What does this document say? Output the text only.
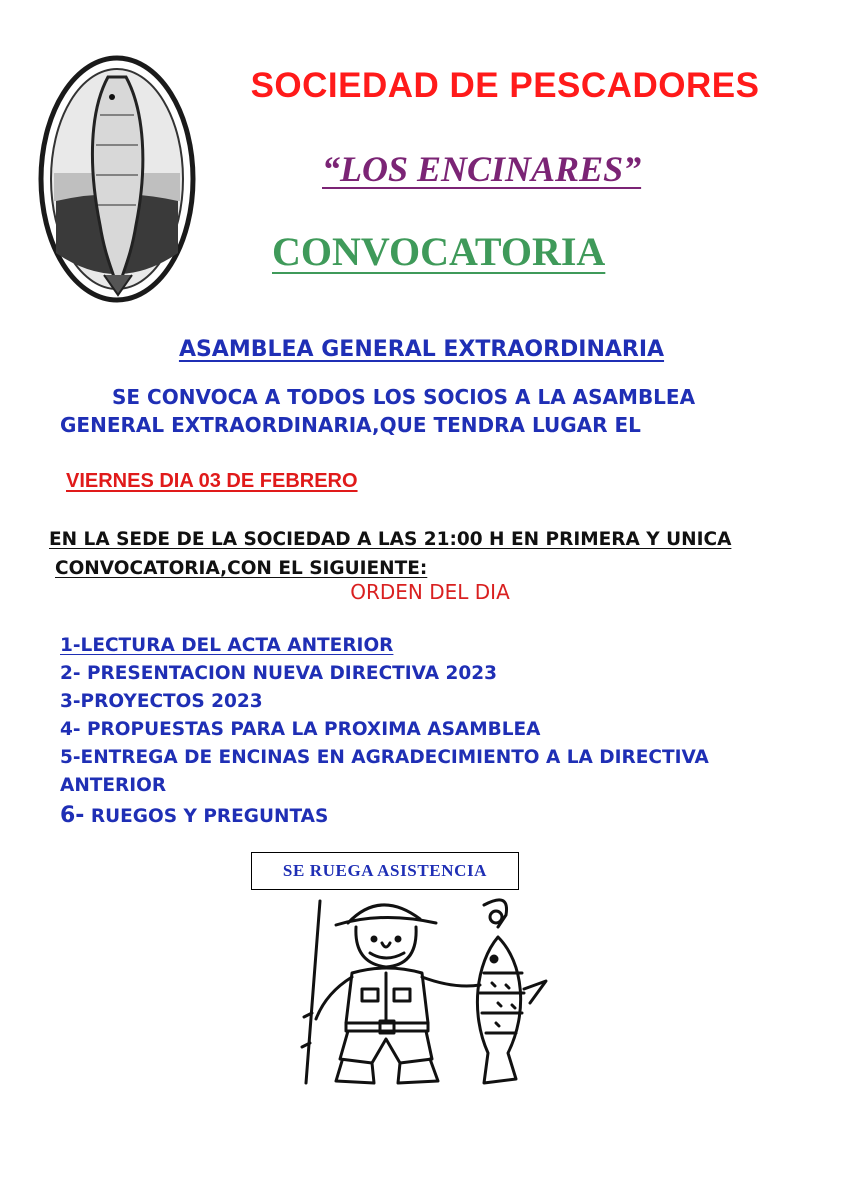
SOCIEDAD DE PESCADORES
“LOS ENCINARES”
CONVOCATORIA
ASAMBLEA GENERAL EXTRAORDINARIA

SE CONVOCA A TODOS LOS SOCIOS A LA ASAMBLEA
GENERAL EXTRAORDINARIA,QUE TENDRA LUGAR EL

VIERNES DIA 03 DE FEBRERO

EN LA SEDE DE LA SOCIEDAD A LAS 21:00 H EN PRIMERA Y UNICA
CONVOCATORIA,CON EL SIGUIENTE:

ORDEN DEL DIA
1-LECTURA DEL ACTA ANTERIOR
2- PRESENTACION NUEVA DIRECTIVA 2023
3-PROYECTOS 2023
4- PROPUESTAS PARA LA PROXIMA ASAMBLEA
5-ENTREGA DE ENCINAS EN AGRADECIMIENTO A LA DIRECTIVA ANTERIOR
6- RUEGOS Y PREGUNTAS
SE RUEGA ASISTENCIA
